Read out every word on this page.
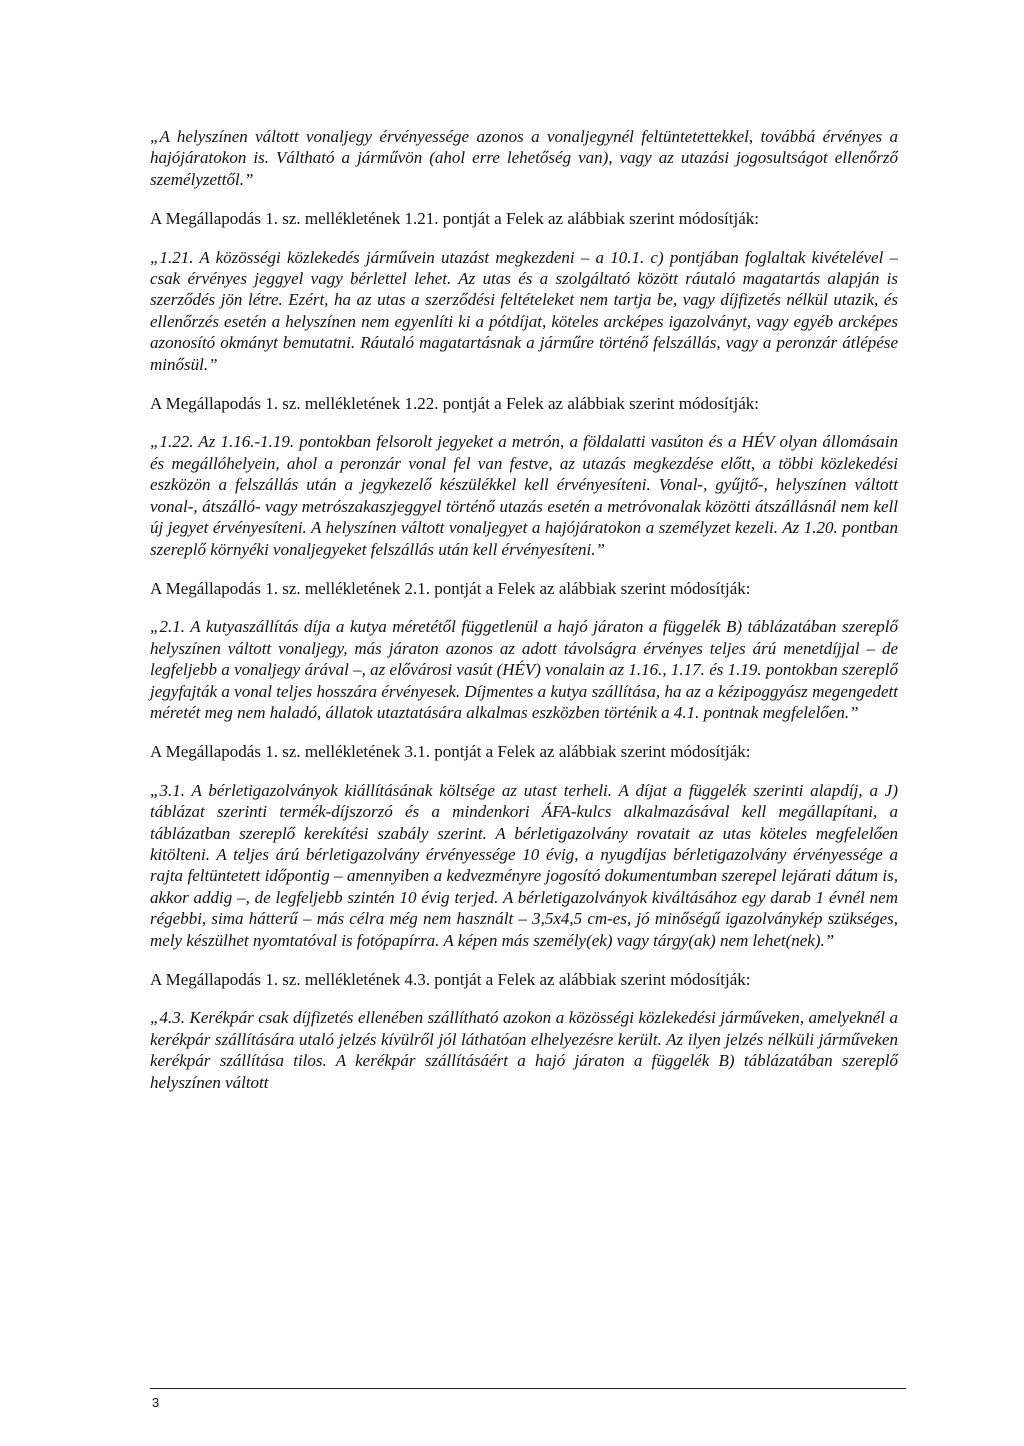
„A helyszínen váltott vonaljegy érvényessége azonos a vonaljegynél feltüntetettekkel, továbbá érvényes a hajójáratokon is. Váltható a járművön (ahol erre lehetőség van), vagy az utazási jogosultságot ellenőrző személyzettől.”

A Megállapodás 1. sz. mellékletének 1.21. pontját a Felek az alábbiak szerint módosítják:

„1.21. A közösségi közlekedés járművein utazást megkezdeni – a 10.1. c) pontjában foglaltak kivételével – csak érvényes jeggyel vagy bérlettel lehet. Az utas és a szolgáltató között ráutaló magatartás alapján is szerződés jön létre. Ezért, ha az utas a szerződési feltételeket nem tartja be, vagy díjfizetés nélkül utazik, és ellenőrzés esetén a helyszínen nem egyenlíti ki a pótdíjat, köteles arcképes igazolványt, vagy egyéb arcképes azonosító okmányt bemutatni. Ráutaló magatartásnak a járműre történő felszállás, vagy a peronzár átlépése minősül.”

A Megállapodás 1. sz. mellékletének 1.22. pontját a Felek az alábbiak szerint módosítják:

„1.22. Az 1.16.-1.19. pontokban felsorolt jegyeket a metrón, a földalatti vasúton és a HÉV olyan állomásain és megállóhelyein, ahol a peronzár vonal fel van festve, az utazás megkezdése előtt, a többi közlekedési eszközön a felszállás után a jegykezelő készülékkel kell érvényesíteni. Vonal-, gyűjtő-, helyszínen váltott vonal-, átszálló- vagy metrószakaszjeggyel történő utazás esetén a metróvonalak közötti átszállásnál nem kell új jegyet érvényesíteni. A helyszínen váltott vonaljegyet a hajójáratokon a személyzet kezeli. Az 1.20. pontban szereplő környéki vonaljegyeket felszállás után kell érvényesíteni.”

A Megállapodás 1. sz. mellékletének 2.1. pontját a Felek az alábbiak szerint módosítják:

„2.1. A kutyaszállítás díja a kutya méretétől függetlenül a hajó járaton a függelék B) táblázatában szereplő helyszínen váltott vonaljegy, más járaton azonos az adott távolságra érvényes teljes árú menetdíjjal – de legfeljebb a vonaljegy árával –, az elővárosi vasút (HÉV) vonalain az 1.16., 1.17. és 1.19. pontokban szereplő jegyfajták a vonal teljes hosszára érvényesek. Díjmentes a kutya szállítása, ha az a kézipoggyász megengedett méretét meg nem haladó, állatok utaztatására alkalmas eszközben történik a 4.1. pontnak megfelelően.”

A Megállapodás 1. sz. mellékletének 3.1. pontját a Felek az alábbiak szerint módosítják:

„3.1. A bérletigazolványok kiállításának költsége az utast terheli. A díjat a függelék szerinti alapdíj, a J) táblázat szerinti termék-díjszorzó és a mindenkori ÁFA-kulcs alkalmazásával kell megállapítani, a táblázatban szereplő kerekítési szabály szerint. A bérletigazolvány rovatait az utas köteles megfelelően kitölteni. A teljes árú bérletigazolvány érvényessége 10 évig, a nyugdíjas bérletigazolvány érvényessége a rajta feltüntetett időpontig – amennyiben a kedvezményre jogosító dokumentumban szerepel lejárati dátum is, akkor addig –, de legfeljebb szintén 10 évig terjed. A bérletigazolványok kiváltásához egy darab 1 évnél nem régebbi, sima hátterű – más célra még nem használt – 3,5x4,5 cm-es, jó minőségű igazolványkép szükséges, mely készülhet nyomtatóval is fotópapírra. A képen más személy(ek) vagy tárgy(ak) nem lehet(nek).”

A Megállapodás 1. sz. mellékletének 4.3. pontját a Felek az alábbiak szerint módosítják:

„4.3. Kerékpár csak díjfizetés ellenében szállítható azokon a közösségi közlekedési járműveken, amelyeknél a kerékpár szállítására utaló jelzés kívülről jól láthatóan elhelyezésre került. Az ilyen jelzés nélküli járműveken kerékpár szállítása tilos. A kerékpár szállításáért a hajó járaton a függelék B) táblázatában szereplő helyszínen váltott

3
